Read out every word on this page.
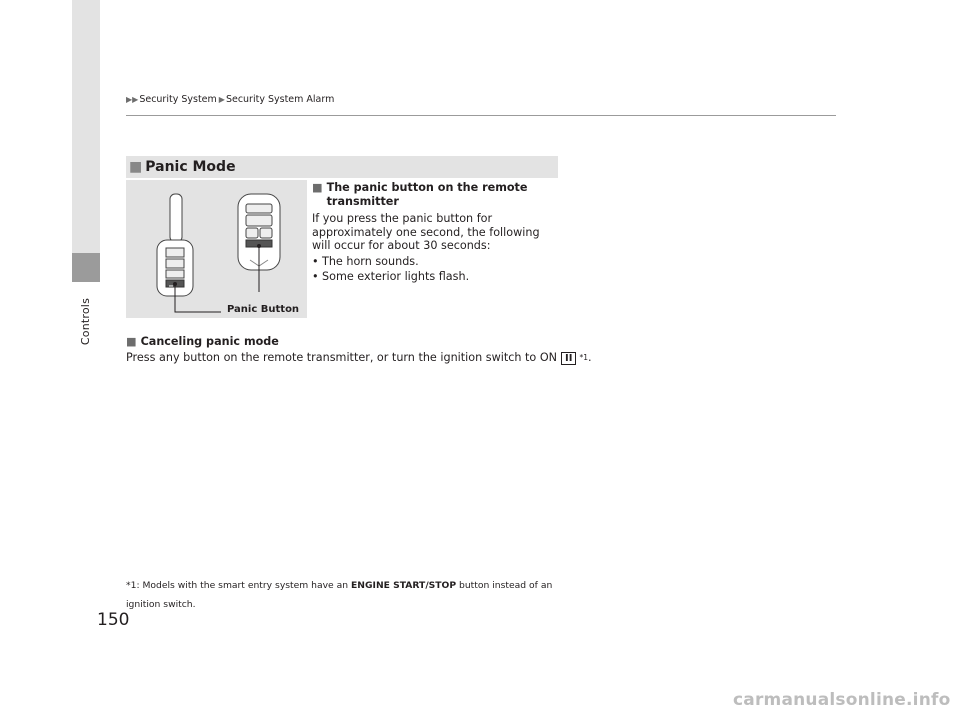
Controls
▶▶ Security System ▶ Security System Alarm
■ Panic Mode
Panic Button
■ The panic button on the remote transmitter

If you press the panic button for approximately one second, the following will occur for about 30 seconds:

• The horn sounds.
• Some exterior lights flash.
■ Canceling panic mode
Press any button on the remote transmitter, or turn the ignition switch to ON II *1 .
*1: Models with the smart entry system have an ENGINE START/STOP button instead of an ignition switch.
150
carmanualsonline.info
